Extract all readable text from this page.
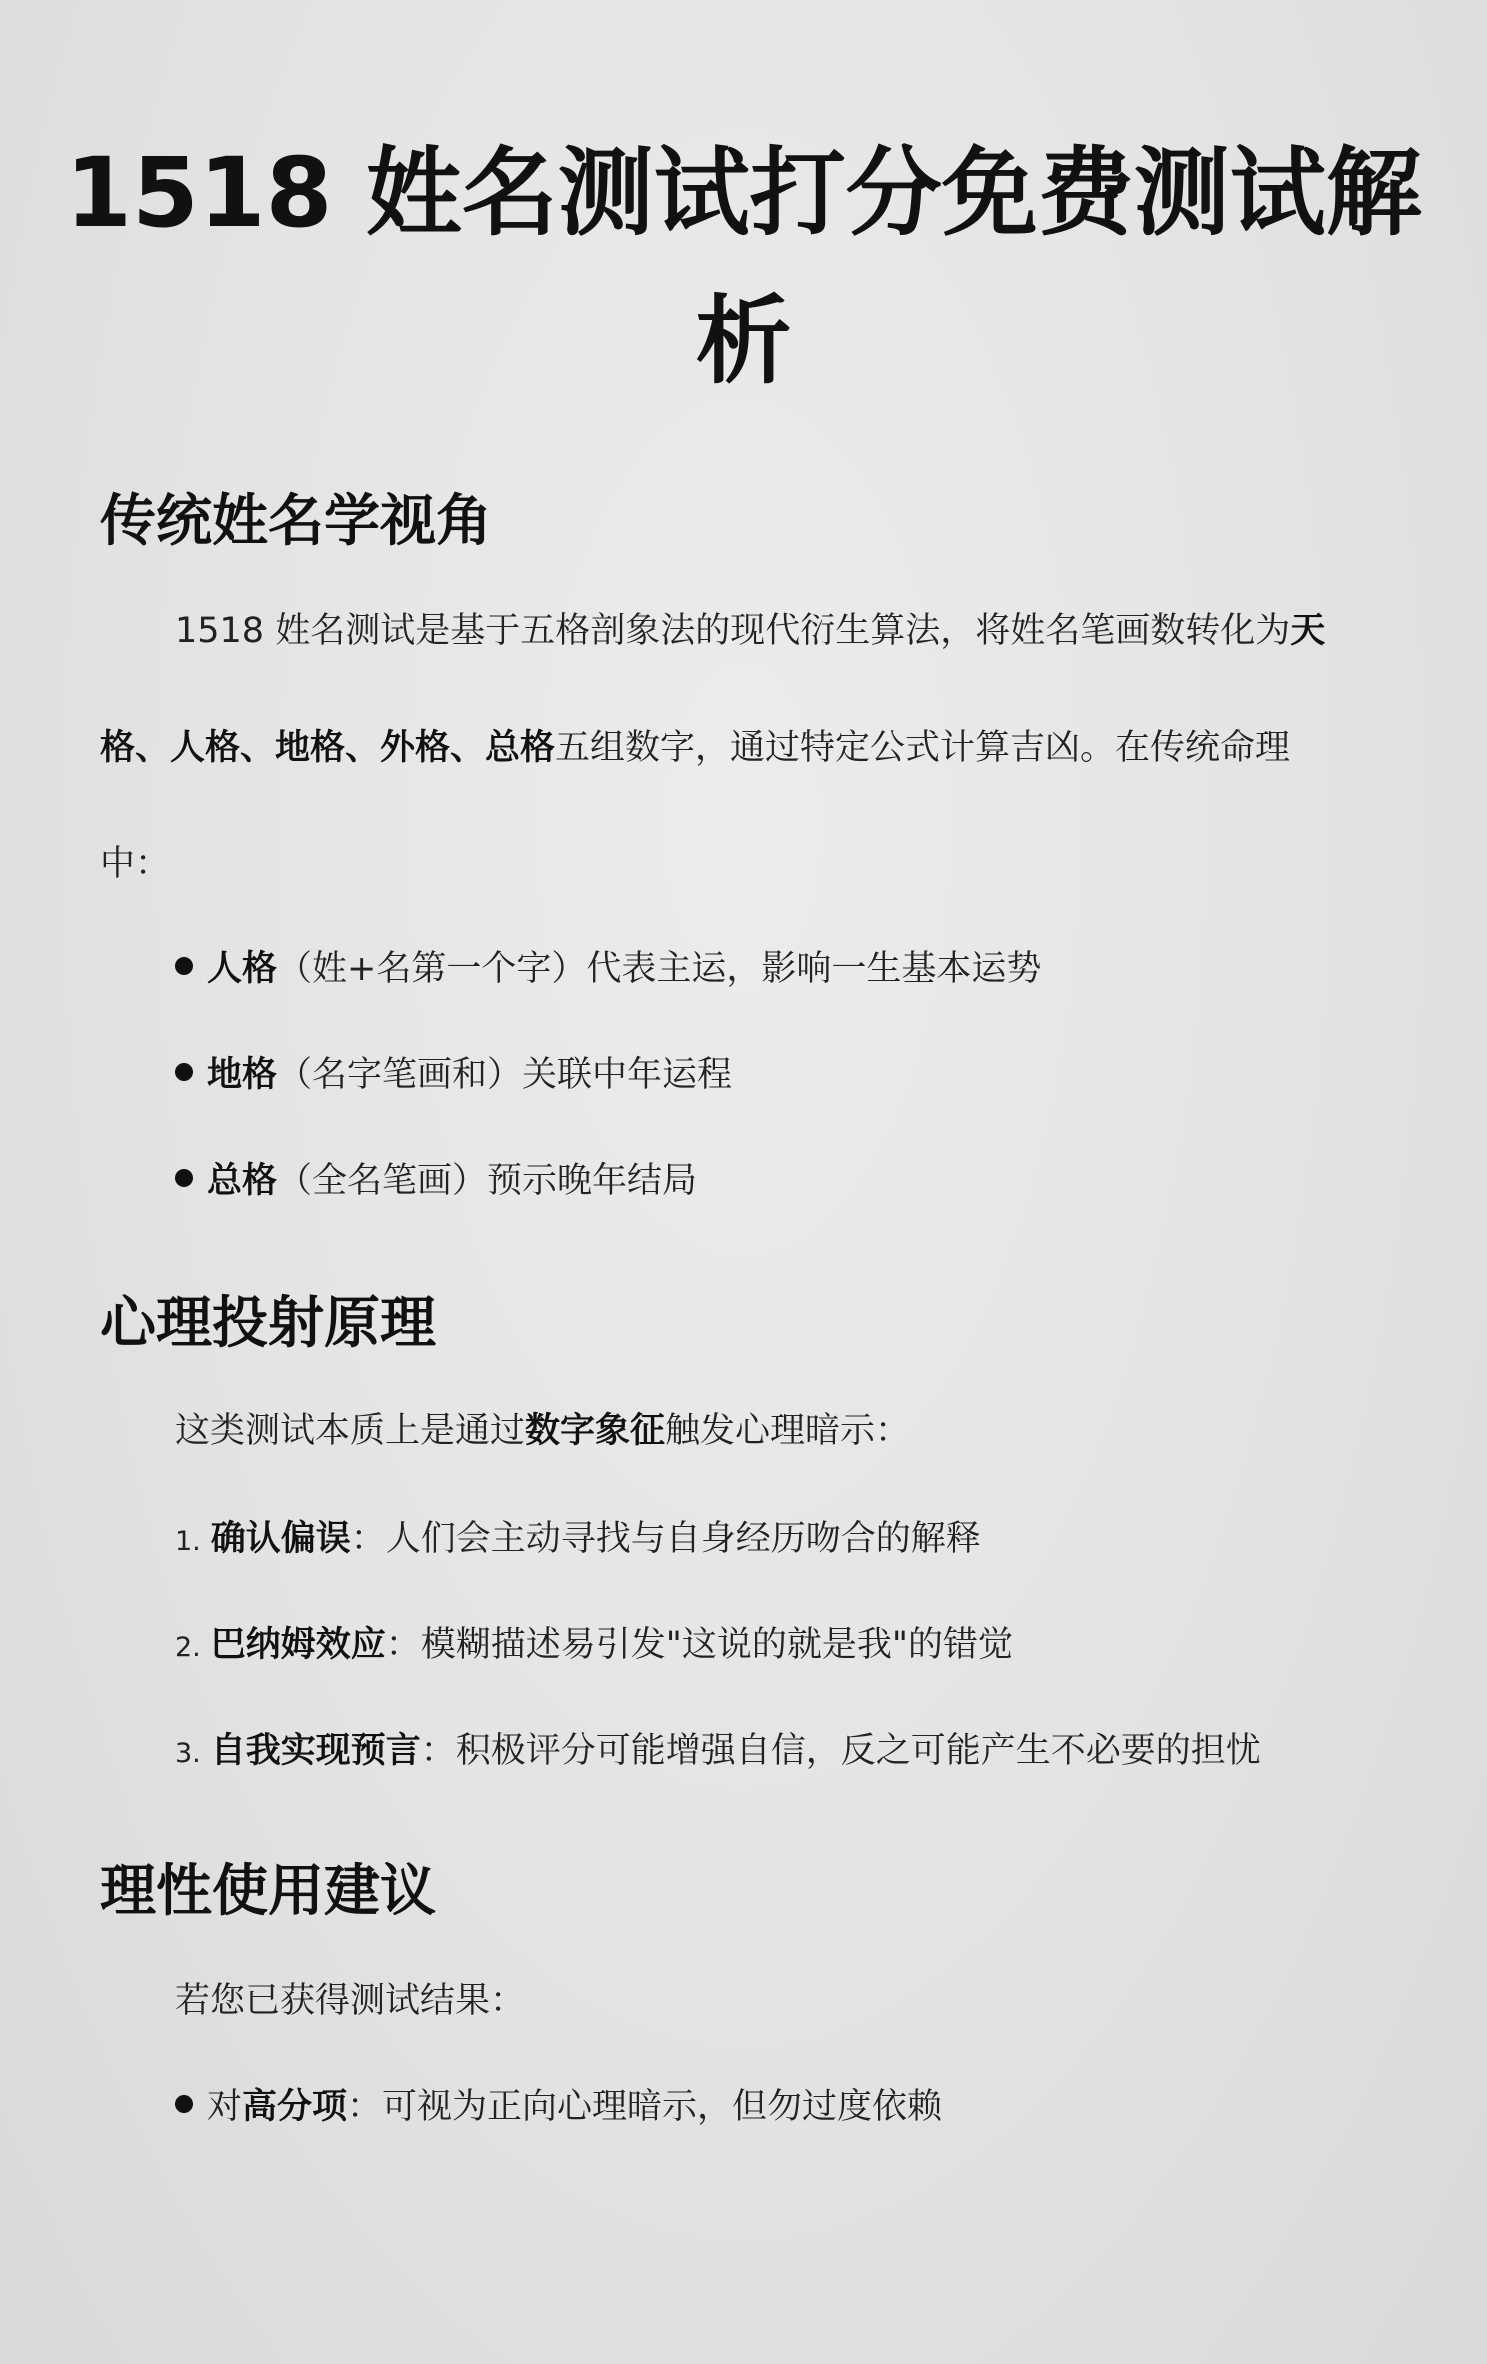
1518 姓名测试打分免费测试解
析
传统姓名学视角

1518 姓名测试是基于五格剖象法的现代衍生算法，将姓名笔画数转化为天

格、人格、地格、外格、总格五组数字，通过特定公式计算吉凶。在传统命理

中：

人格（姓+名第一个字）代表主运，影响一生基本运势
地格（名字笔画和）关联中年运程
总格（全名笔画）预示晚年结局
心理投射原理

这类测试本质上是通过数字象征触发心理暗示：

1. 确认偏误：人们会主动寻找与自身经历吻合的解释
2. 巴纳姆效应：模糊描述易引发"这说的就是我"的错觉
3. 自我实现预言：积极评分可能增强自信，反之可能产生不必要的担忧
理性使用建议

若您已获得测试结果：

对高分项：可视为正向心理暗示，但勿过度依赖
